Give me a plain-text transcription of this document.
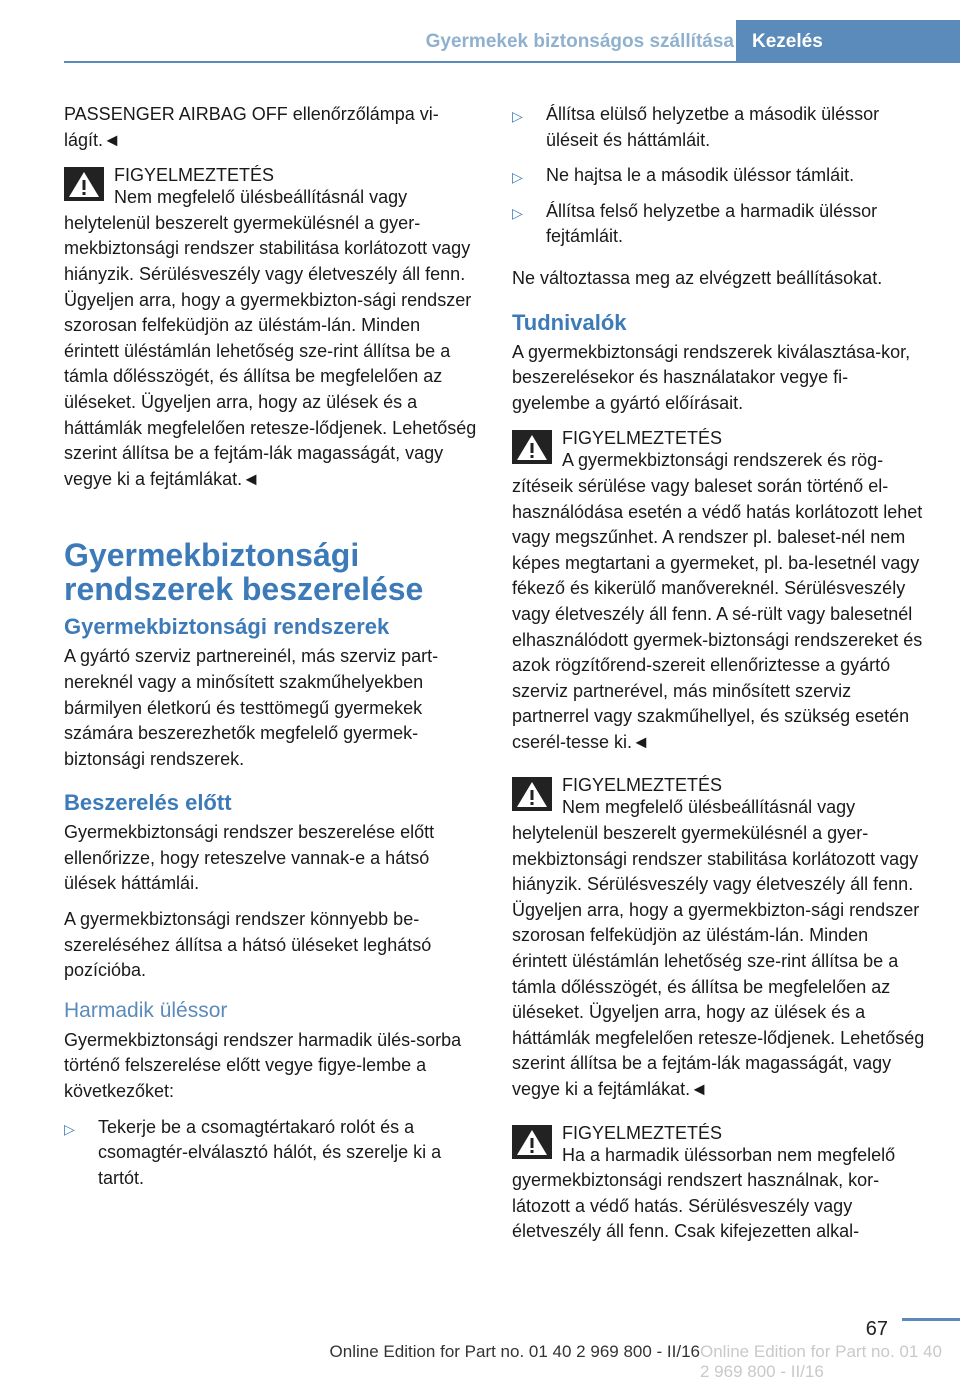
Gyermekek biztonságos szállítása Kezelés

PASSENGER AIRBAG OFF ellenőrzőlámpa vi-lágít.◄

FIGYELMEZTETÉS
Nem megfelelő ülésbeállításnál vagy helytelenül beszerelt gyermekülésnél a gyer-mekbiztonsági rendszer stabilitása korlátozott vagy hiányzik. Sérülésveszély vagy életveszély áll fenn. Ügyeljen arra, hogy a gyermekbizton-sági rendszer szorosan felfeküdjön az üléstám-lán. Minden érintett üléstámlán lehetőség sze-rint állítsa be a támla dőlésszögét, és állítsa be megfelelően az üléseket. Ügyeljen arra, hogy az ülések és a háttámlák megfelelően retesze-lődjenek. Lehetőség szerint állítsa be a fejtám-lák magasságát, vagy vegye ki a fejtámlákat.◄
Gyermekbiztonsági rendszerek beszerelése
Gyermekbiztonsági rendszerek

A gyártó szerviz partnereinél, más szerviz part-nereknél vagy a minősített szakműhelyekben bármilyen életkorú és testtömegű gyermekek számára beszerezhetők megfelelő gyermek-biztonsági rendszerek.

Beszerelés előtt

Gyermekbiztonsági rendszer beszerelése előtt ellenőrizze, hogy reteszelve vannak-e a hátsó ülések háttámlái.

A gyermekbiztonsági rendszer könnyebb be-szereléséhez állítsa a hátsó üléseket leghátsó pozícióba.

Harmadik üléssor

Gyermekbiztonsági rendszer harmadik ülés-sorba történő felszerelése előtt vegye figye-lembe a következőket:

▷ Tekerje be a csomagtértakaró rolót és a csomagtér-elválasztó hálót, és szerelje ki a tartót.
▷ Állítsa elülső helyzetbe a második üléssor üléseit és háttámláit.
▷ Ne hajtsa le a második üléssor támláit.
▷ Állítsa felső helyzetbe a harmadik üléssor fejtámláit.

Ne változtassa meg az elvégzett beállításokat.

Tudnivalók

A gyermekbiztonsági rendszerek kiválasztása-kor, beszerelésekor és használatakor vegye fi-gyelembe a gyártó előírásait.

FIGYELMEZTETÉS
A gyermekbiztonsági rendszerek és rög-zítéseik sérülése vagy baleset során történő el-használódása esetén a védő hatás korlátozott lehet vagy megszűnhet. A rendszer pl. baleset-nél nem képes megtartani a gyermeket, pl. ba-lesetnél vagy fékező és kikerülő manővereknél. Sérülésveszély vagy életveszély áll fenn. A sé-rült vagy balesetnél elhasználódott gyermek-biztonsági rendszereket és azok rögzítőrend-szereit ellenőriztesse a gyártó szerviz partnerével, más minősített szerviz partnerrel vagy szakműhellyel, és szükség esetén cserél-tesse ki.◄
FIGYELMEZTETÉS
Nem megfelelő ülésbeállításnál vagy helytelenül beszerelt gyermekülésnél a gyer-mekbiztonsági rendszer stabilitása korlátozott vagy hiányzik. Sérülésveszély vagy életveszély áll fenn. Ügyeljen arra, hogy a gyermekbizton-sági rendszer szorosan felfeküdjön az üléstám-lán. Minden érintett üléstámlán lehetőség sze-rint állítsa be a támla dőlésszögét, és állítsa be megfelelően az üléseket. Ügyeljen arra, hogy az ülések és a háttámlák megfelelően retesze-lődjenek. Lehetőség szerint állítsa be a fejtám-lák magasságát, vagy vegye ki a fejtámlákat.◄
FIGYELMEZTETÉS
Ha a harmadik üléssorban nem megfelelő gyermekbiztonsági rendszert használnak, kor-látozott a védő hatás. Sérülésveszély vagy életveszély áll fenn. Csak kifejezetten alkal-
67
Online Edition for Part no. 01 40 2 969 800 - II/16 Online Edition for Part no. 01 40 2 969 800 - II/16
